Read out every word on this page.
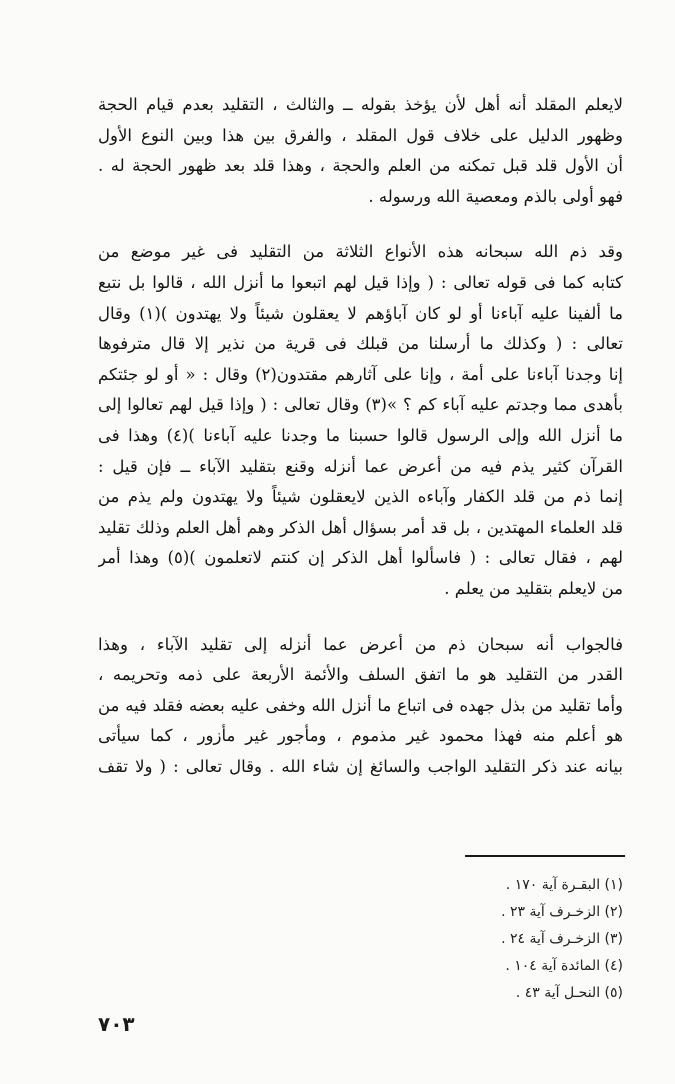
لايعلم المقلد أنه أهل لأن يؤخذ بقوله ــ والثالث ، التقليد بعدم قيام الحجة
وظهور الدليل على خلاف قول المقلد ، والفرق بين هذا وبين النوع الأول
أن الأول قلد قبل تمكنه من العلم والحجة ، وهذا قلد بعد ظهور الحجة له .
فهو أولى بالذم ومعصية الله ورسوله .
وقد ذم الله سبحانه هذه الأنواع الثلاثة من التقليد فى غير موضع من
كتابه كما فى قوله تعالى : ( وإذا قيل لهم اتبعوا ما أنزل الله ، قالوا بل نتبع
ما ألفينا عليه آباءنا أو لو كان آباؤهم لا يعقلون شيئاً ولا يهتدون )(١) وقال
تعالى : ( وكذلك ما أرسلنا من قبلك فى قرية من نذير إلا قال مترفوها
إنا وجدنا آباءنا على أمة ، وإنا على آثارهم مقتدون(٢) وقال : « أو لو جئتكم
بأهدى مما وجدتم عليه آباء كم ؟ »(٣) وقال تعالى : ( وإذا قيل لهم تعالوا إلى
ما أنزل الله وإلى الرسول قالوا حسبنا ما وجدنا عليه آباءنا )(٤) وهذا فى
القرآن كثير يذم فيه من أعرض عما أنزله وقنع بتقليد الآباء ــ فإن قيل :
إنما ذم من قلد الكفار وآباءه الذين لايعقلون شيئاً ولا يهتدون ولم يذم من
قلد العلماء المهتدين ، بل قد أمر بسؤال أهل الذكر وهم أهل العلم وذلك تقليد
لهم ، فقال تعالى : ( فاسألوا أهل الذكر إن كنتم لاتعلمون )(٥) وهذا أمر
من لايعلم بتقليد من يعلم .
فالجواب أنه سبحان ذم من أعرض عما أنزله إلى تقليد الآباء ، وهذا
القدر من التقليد هو ما اتفق السلف والأئمة الأربعة على ذمه وتحريمه ،
وأما تقليد من بذل جهده فى اتباع ما أنزل الله وخفى عليه بعضه فقلد فيه من
هو أعلم منه فهذا محمود غير مذموم ، ومأجور غير مأزور ، كما سيأتى
بيانه عند ذكر التقليد الواجب والسائغ إن شاء الله . وقال تعالى : ( ولا تقف
(١) البقـرة آية ١٧٠ .
(٢) الزخـرف آية ٢٣ .
(٣) الزخـرف آية ٢٤ .
(٤) المائدة آية ١٠٤ .
(٥) النحـل آية ٤٣ .
٧٠٣
